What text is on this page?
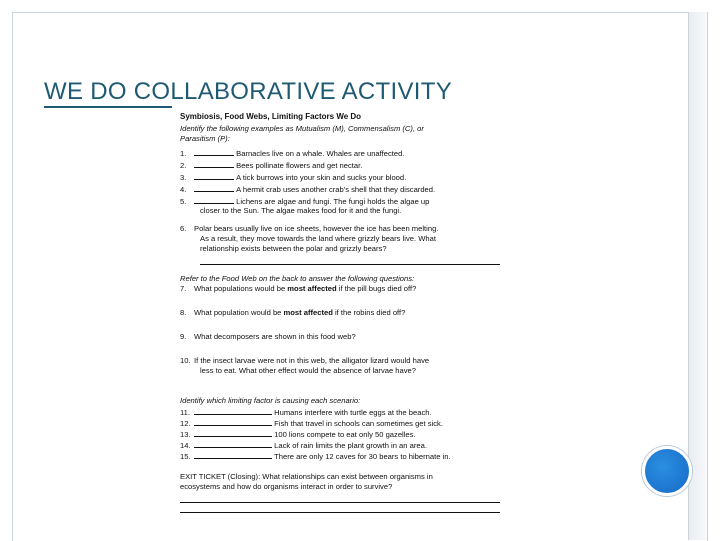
WE DO COLLABORATIVE ACTIVITY
Symbiosis, Food Webs, Limiting Factors We Do
Identify the following examples as Mutualism (M), Commensalism (C), or
Parasitism (P):
1.	Barnacles live on a whale. Whales are unaffected.
2.	Bees pollinate flowers and get nectar.
3.	A tick burrows into your skin and sucks your blood.
4.	A hermit crab uses another crab's shell that they discarded.
5.	Lichens are algae and fungi. The fungi holds the algae up
closer to the Sun. The algae makes food for it and the fungi.
6. Polar bears usually live on ice sheets, however the ice has been melting.
As a result, they move towards the land where grizzly bears live. What
relationship exists between the polar and grizzly bears?
Refer to the Food Web on the back to answer the following questions:
7. What populations would be most affected if the pill bugs died off?
8. What population would be most affected if the robins died off?
9. What decomposers are shown in this food web?
10. If the insect larvae were not in this web, the alligator lizard would have
less to eat. What other effect would the absence of larvae have?
Identify which limiting factor is causing each scenario:
11.	Humans interfere with turtle eggs at the beach.
12.	Fish that travel in schools can sometimes get sick.
13.	100 lions compete to eat only 50 gazelles.
14.	Lack of rain limits the plant growth in an area.
15.	There are only 12 caves for 30 bears to hibernate in.
EXIT TICKET (Closing): What relationships can exist between organisms in
ecosystems and how do organisms interact in order to survive?
